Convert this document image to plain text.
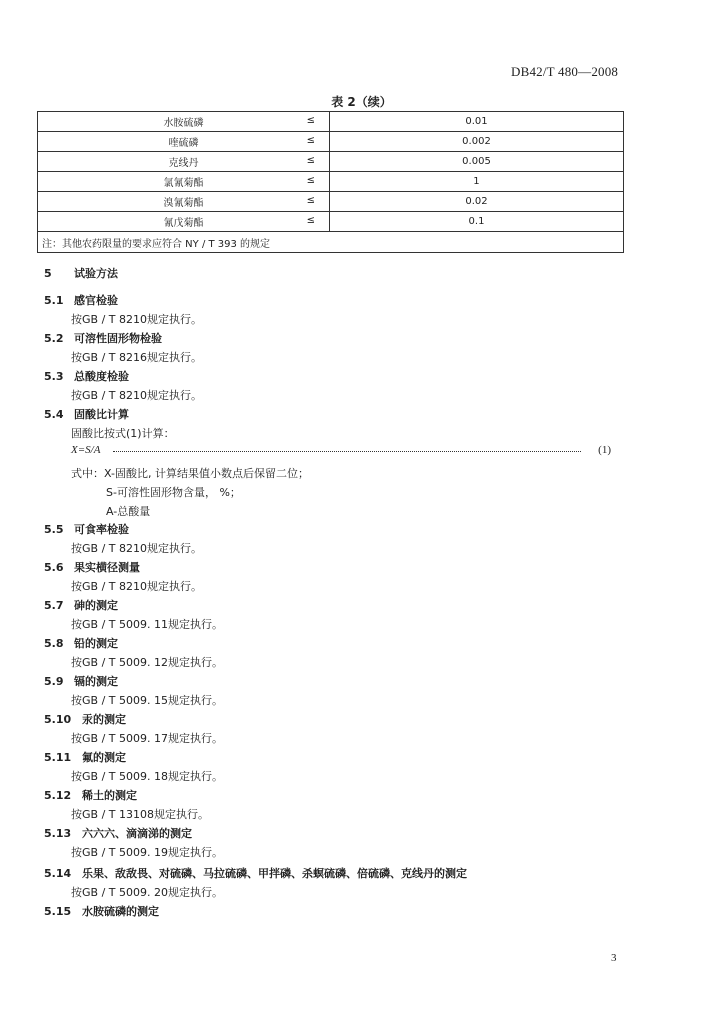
DB42/T 480—2008
表 2（续）
水胺硫磷 ≤	0.01
喹硫磷 ≤	0.002
克线丹 ≤	0.005
氯氰菊酯 ≤	1
溴氰菊酯 ≤	0.02
氰戊菊酯 ≤	0.1
注：其他农药限量的要求应符合 NY / T 393 的规定	
5 试验方法
5.1 感官检验
按GB / T 8210规定执行。
5.2 可溶性固形物检验
按GB / T 8216规定执行。
5.3 总酸度检验
按GB / T 8210规定执行。
5.4 固酸比计算
固酸比按式(1)计算：
5.5 可食率检验
按GB / T 8210规定执行。
5.6 果实横径测量
按GB / T 8210规定执行。
5.7 砷的测定
按GB / T 5009. 11规定执行。
5.8 铅的测定
按GB / T 5009. 12规定执行。
5.9 镉的测定
按GB / T 5009. 15规定执行。
5.10 汞的测定
按GB / T 5009. 17规定执行。
5.11 氟的测定
按GB / T 5009. 18规定执行。
5.12 稀土的测定
按GB / T 13108规定执行。
5.13 六六六、滴滴涕的测定
按GB / T 5009. 19规定执行。
5.14 乐果、敌敌畏、对硫磷、马拉硫磷、甲拌磷、杀螟硫磷、倍硫磷、克线丹的测定
按GB / T 5009. 20规定执行。
5.15 水胺硫磷的测定
X=S/A	(1)
式中：X-固酸比, 计算结果值小数点后保留二位；
S-可溶性固形物含量， %；
A-总酸量
3
